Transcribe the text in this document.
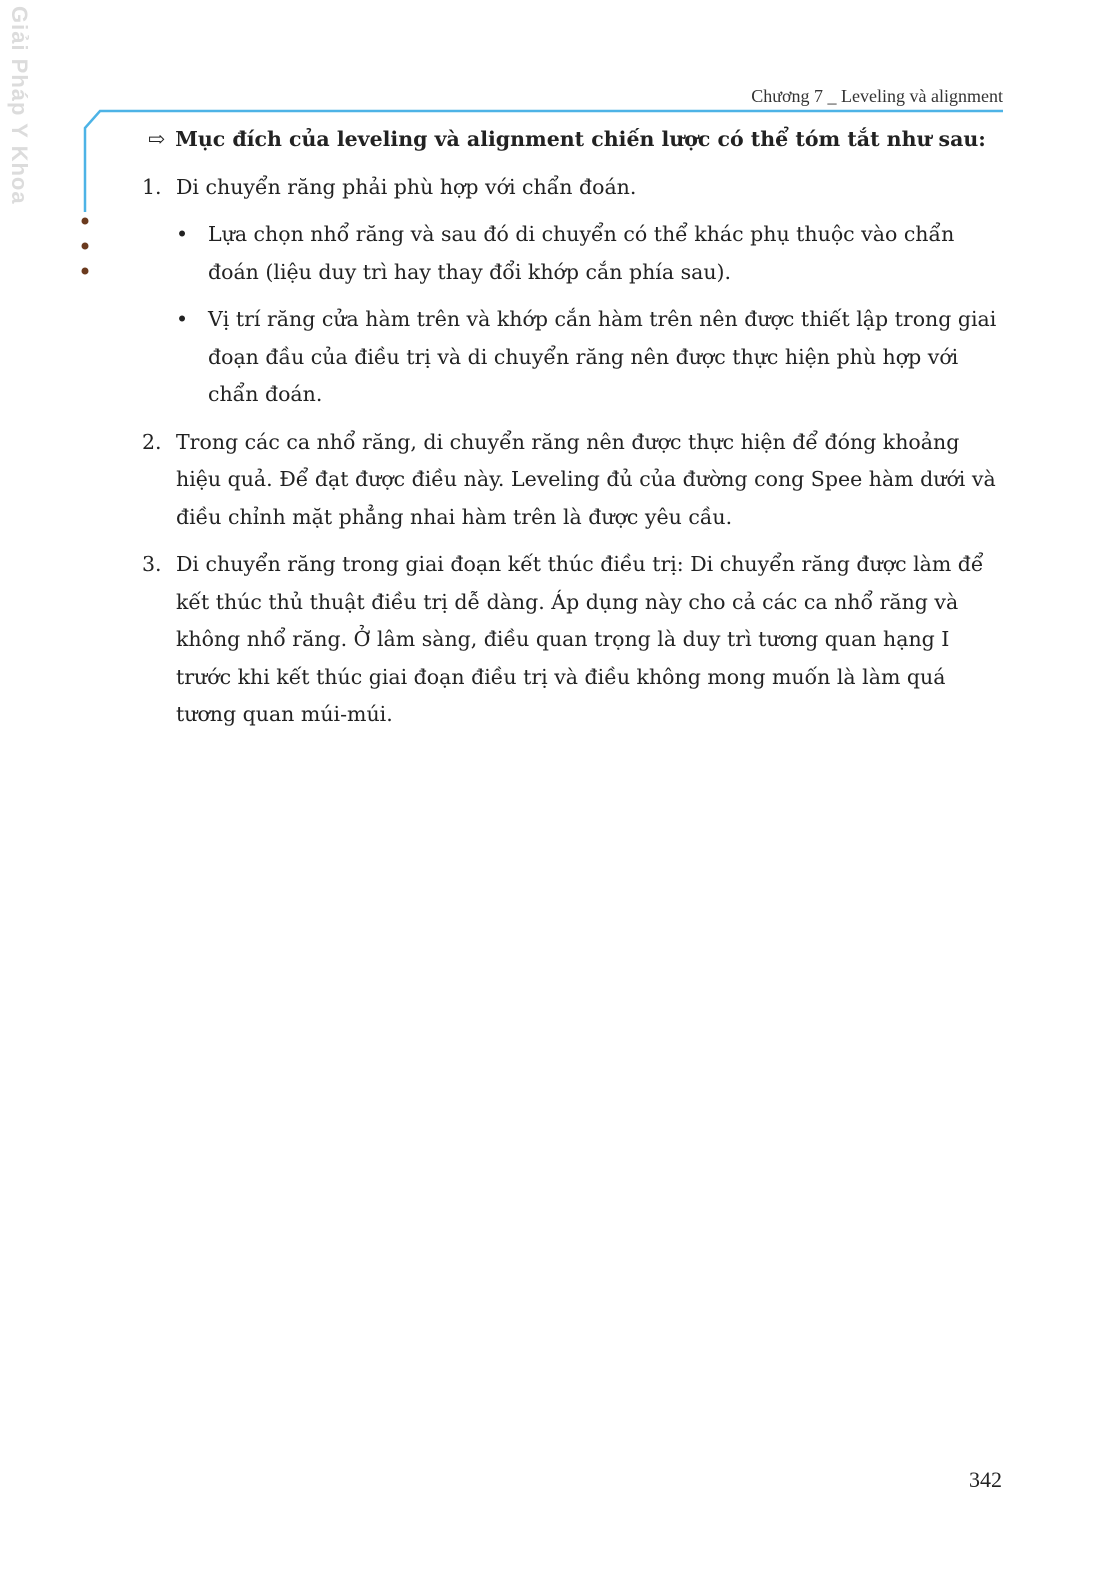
Giải Pháp Y Khoa	Chương 7 _ Leveling và alignment
⇨ Mục đích của leveling và alignment chiến lược có thể tóm tắt như sau:
1. Di chuyển răng phải phù hợp với chẩn đoán.
• Lựa chọn nhổ răng và sau đó di chuyển có thể khác phụ thuộc vào chẩn đoán (liệu duy trì hay thay đổi khớp cắn phía sau).
• Vị trí răng cửa hàm trên và khớp cắn hàm trên nên được thiết lập trong giai đoạn đầu của điều trị và di chuyển răng nên được thực hiện phù hợp với chẩn đoán.
2. Trong các ca nhổ răng, di chuyển răng nên được thực hiện để đóng khoảng hiệu quả. Để đạt được điều này. Leveling đủ của đường cong Spee hàm dưới và điều chỉnh mặt phẳng nhai hàm trên là được yêu cầu.
3. Di chuyển răng trong giai đoạn kết thúc điều trị: Di chuyển răng được làm để kết thúc thủ thuật điều trị dễ dàng. Áp dụng này cho cả các ca nhổ răng và không nhổ răng. Ở lâm sàng, điều quan trọng là duy trì tương quan hạng I trước khi kết thúc giai đoạn điều trị và điều không mong muốn là làm quá tương quan múi-múi.
342
